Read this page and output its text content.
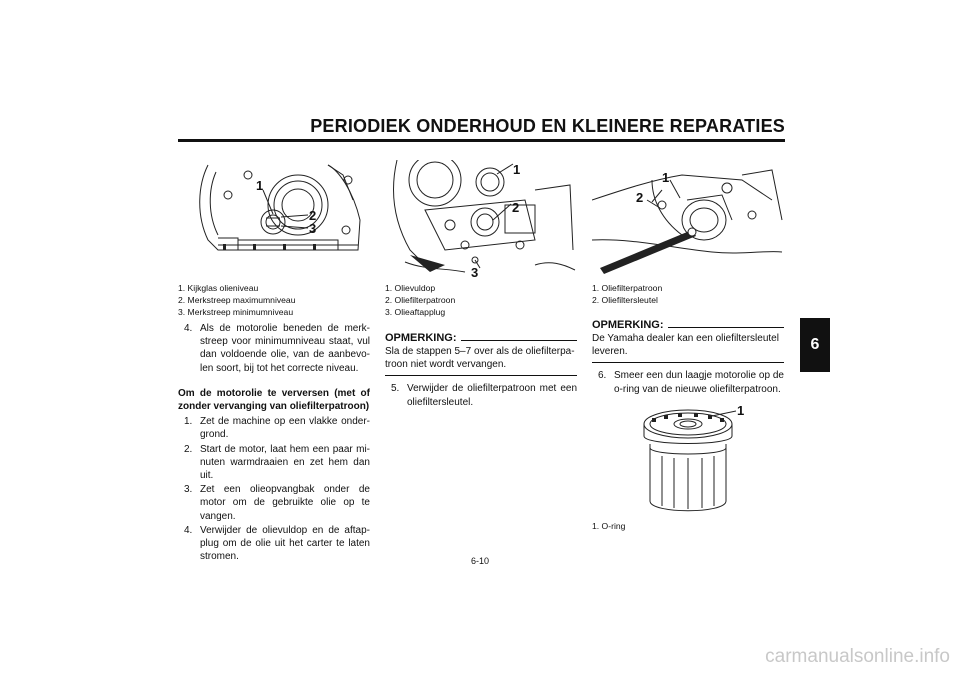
PERIODIEK ONDERHOUD EN KLEINERE REPARATIES
6
1
2
3
1. Kijkglas olieniveau
2. Merkstreep maximumniveau
3. Merkstreep minimumniveau
4. Als de motorolie beneden de merk-streep voor minimumniveau staat, vul dan voldoende olie, van de aanbevo-len soort, bij tot het correcte niveau.
Om de motorolie te verversen (met of zonder vervanging van oliefilterpatroon)
1. Zet de machine op een vlakke onder-grond.
2. Start de motor, laat hem een paar mi-nuten warmdraaien en zet hem dan uit.
3. Zet een olieopvangbak onder de motor om de gebruikte olie op te vangen.
4. Verwijder de olievuldop en de aftap-plug om de olie uit het carter te laten stromen.
1
2
3
1. Olievuldop
2. Oliefilterpatroon
3. Olieaftapplug
OPMERKING:
Sla de stappen 5–7 over als de oliefilterpa-troon niet wordt vervangen.
5. Verwijder de oliefilterpatroon met een oliefiltersleutel.
1
2
1. Oliefilterpatroon
2. Oliefiltersleutel
OPMERKING:
De Yamaha dealer kan een oliefiltersleutel leveren.
6. Smeer een dun laagje motorolie op de o-ring van de nieuwe oliefilterpatroon.
1
1. O-ring
6-10
carmanualsonline.info
